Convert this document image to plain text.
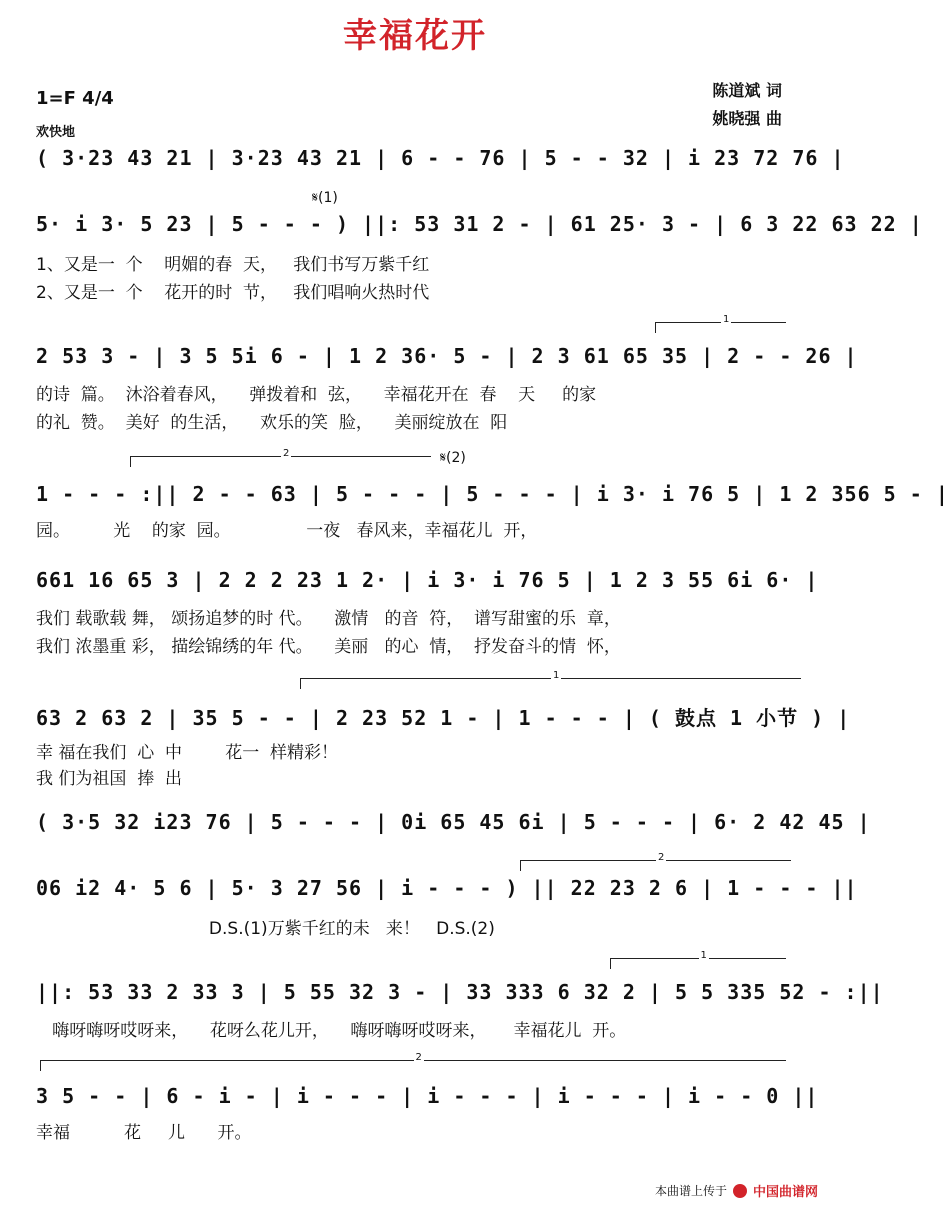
幸福花开
1=F 4/4
欢快地
陈道斌 词
姚晓强 曲
𝄋(1)
𝄋(2)
1
2
1
2
1
2
( 3·23 43 21 | 3·23 43 21 | 6 - - 76 | 5 - - 32 | i 23 72 76 |
5· i 3· 5 23 | 5 - - - ) ||: 53 31 2 - | 61 25· 3 - | 6 3 22 63 22 |
1、又是一  个    明媚的春  天，   我们书写万紫千红
2、又是一  个    花开的时  节，   我们唱响火热时代
2 53 3 - | 3 5 5i 6 - | 1 2 36· 5 - | 2 3 61 65 35 | 2 - - 26 |
的诗  篇。  沐浴着春风，    弹拨着和  弦，    幸福花开在  春    天     的家
的礼  赞。  美好  的生活，    欢乐的笑  脸，    美丽绽放在  阳
1 - - - :|| 2 - - 63 | 5 - - - | 5 - - - | i 3· i 76 5 | 1 2 356 5 - |
园。        光    的家  园。              一夜   春风来，幸福花儿  开，
661 16 65 3 | 2 2 2 23 1 2· | i 3· i 76 5 | 1 2 3 55 6i 6· |
我们 载歌载 舞， 颂扬追梦的时 代。    激情   的音  符，  谱写甜蜜的乐  章，
我们 浓墨重 彩， 描绘锦绣的年 代。    美丽   的心  情，  抒发奋斗的情  怀，
63 2 63 2 | 35 5 - - | 2 23 52 1 - | 1 - - - | ( 鼓点 1 小节 ) |
幸 福在我们  心  中        花一  样精彩！
我 们为祖国  捧  出
( 3·5 32 i23 76 | 5 - - - | 0i 65 45 6i | 5 - - - | 6· 2 42 45 |
06 i2 4· 5 6 | 5· 3 27 56 | i - - - ) || 22 23 2 6 | 1 - - - ||
D.S.(1)万紫千红的未   来！   D.S.(2)
||: 53 33 2 33 3 | 5 55 32 3 - | 33 333 6 32 2 | 5 5 335 52 - :||
嗨呀嗨呀哎呀来，    花呀么花儿开，    嗨呀嗨呀哎呀来，     幸福花儿  开。
3 5 - - | 6 - i - | i - - - | i - - - | i - - - | i - - 0 ||
幸福          花     儿      开。
本曲谱上传于 中国曲谱网
